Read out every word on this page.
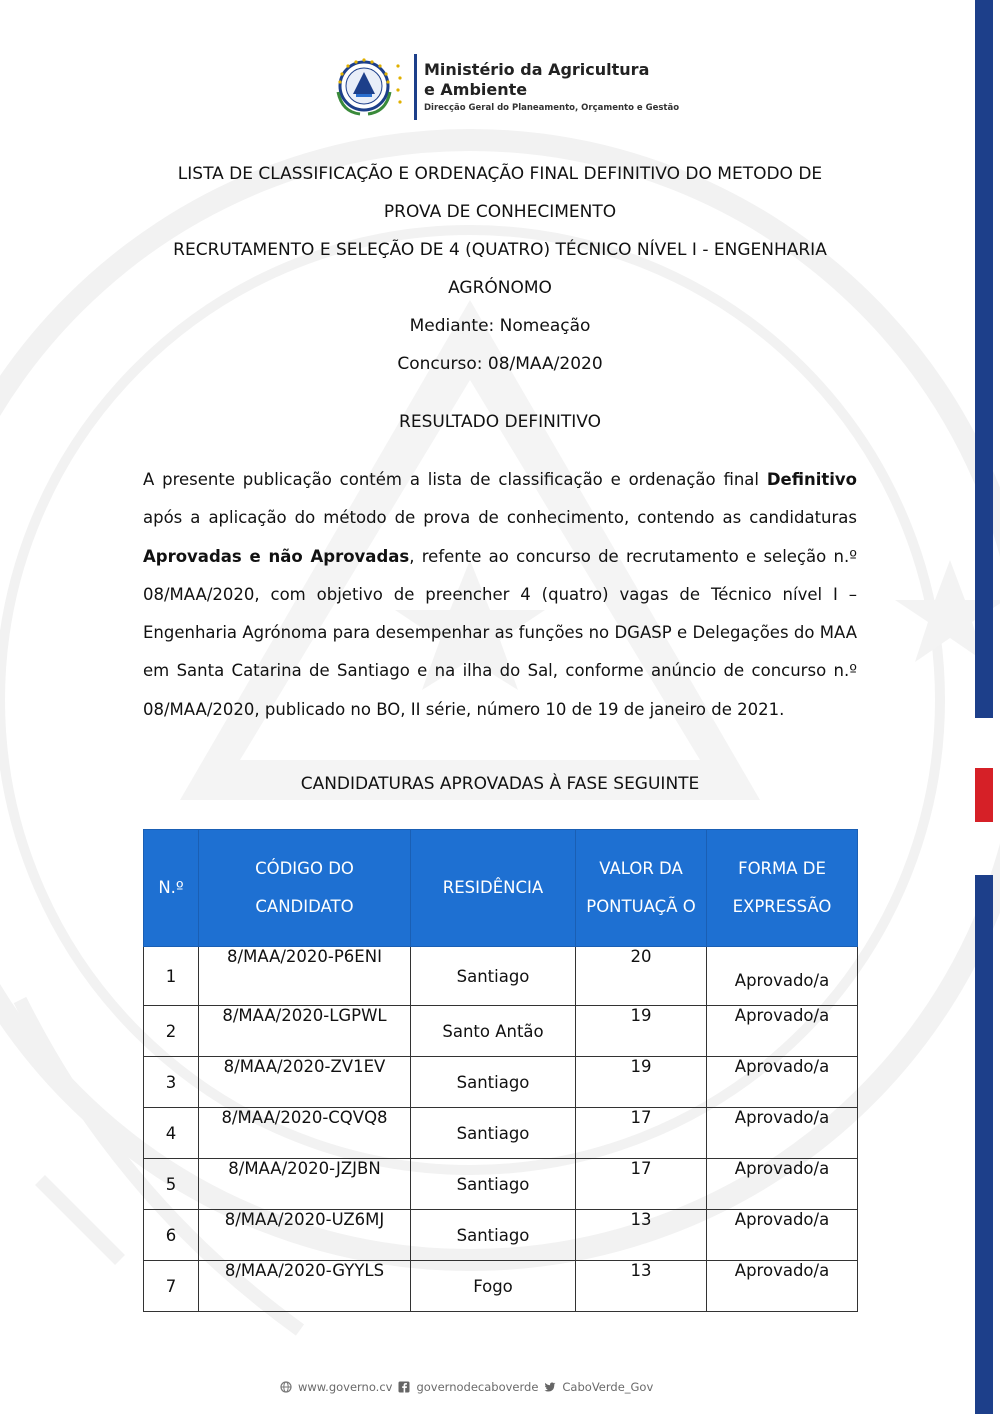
Ministério da Agricultura e Ambiente
Direcção Geral do Planeamento, Orçamento e Gestão

LISTA DE CLASSIFICAÇÃO E ORDENAÇÃO FINAL DEFINITIVO DO METODO DE

PROVA DE CONHECIMENTO

RECRUTAMENTO E SELEÇÃO DE 4 (QUATRO) TÉCNICO NÍVEL I - ENGENHARIA

AGRÓNOMO

Mediante: Nomeação

Concurso: 08/MAA/2020

RESULTADO DEFINITIVO
A presente publicação contém a lista de classificação e ordenação final Definitivo após a aplicação do método de prova de conhecimento, contendo as candidaturas Aprovadas e não Aprovadas, refente ao concurso de recrutamento e seleção n.º 08/MAA/2020, com objetivo de preencher 4 (quatro) vagas de Técnico nível I – Engenharia Agrónoma para desempenhar as funções no DGASP e Delegações do MAA em Santa Catarina de Santiago e na ilha do Sal, conforme anúncio de concurso n.º 08/MAA/2020, publicado no BO, II série, número 10 de 19 de janeiro de 2021.
CANDIDATURAS APROVADAS À FASE SEGUINTE
N.º	CÓDIGO DO CANDIDATO	RESIDÊNCIA	VALOR DA PONTUAÇÃ O	FORMA DE EXPRESSÃO
1	8/MAA/2020-P6ENI	Santiago	20	Aprovado/a
2	8/MAA/2020-LGPWL	Santo Antão	19	Aprovado/a
3	8/MAA/2020-ZV1EV	Santiago	19	Aprovado/a
4	8/MAA/2020-CQVQ8	Santiago	17	Aprovado/a
5	8/MAA/2020-JZJBN	Santiago	17	Aprovado/a
6	8/MAA/2020-UZ6MJ	Santiago	13	Aprovado/a
7	8/MAA/2020-GYYLS	Fogo	13	Aprovado/a
www.governo.cv governodecaboverde CaboVerde_Gov
